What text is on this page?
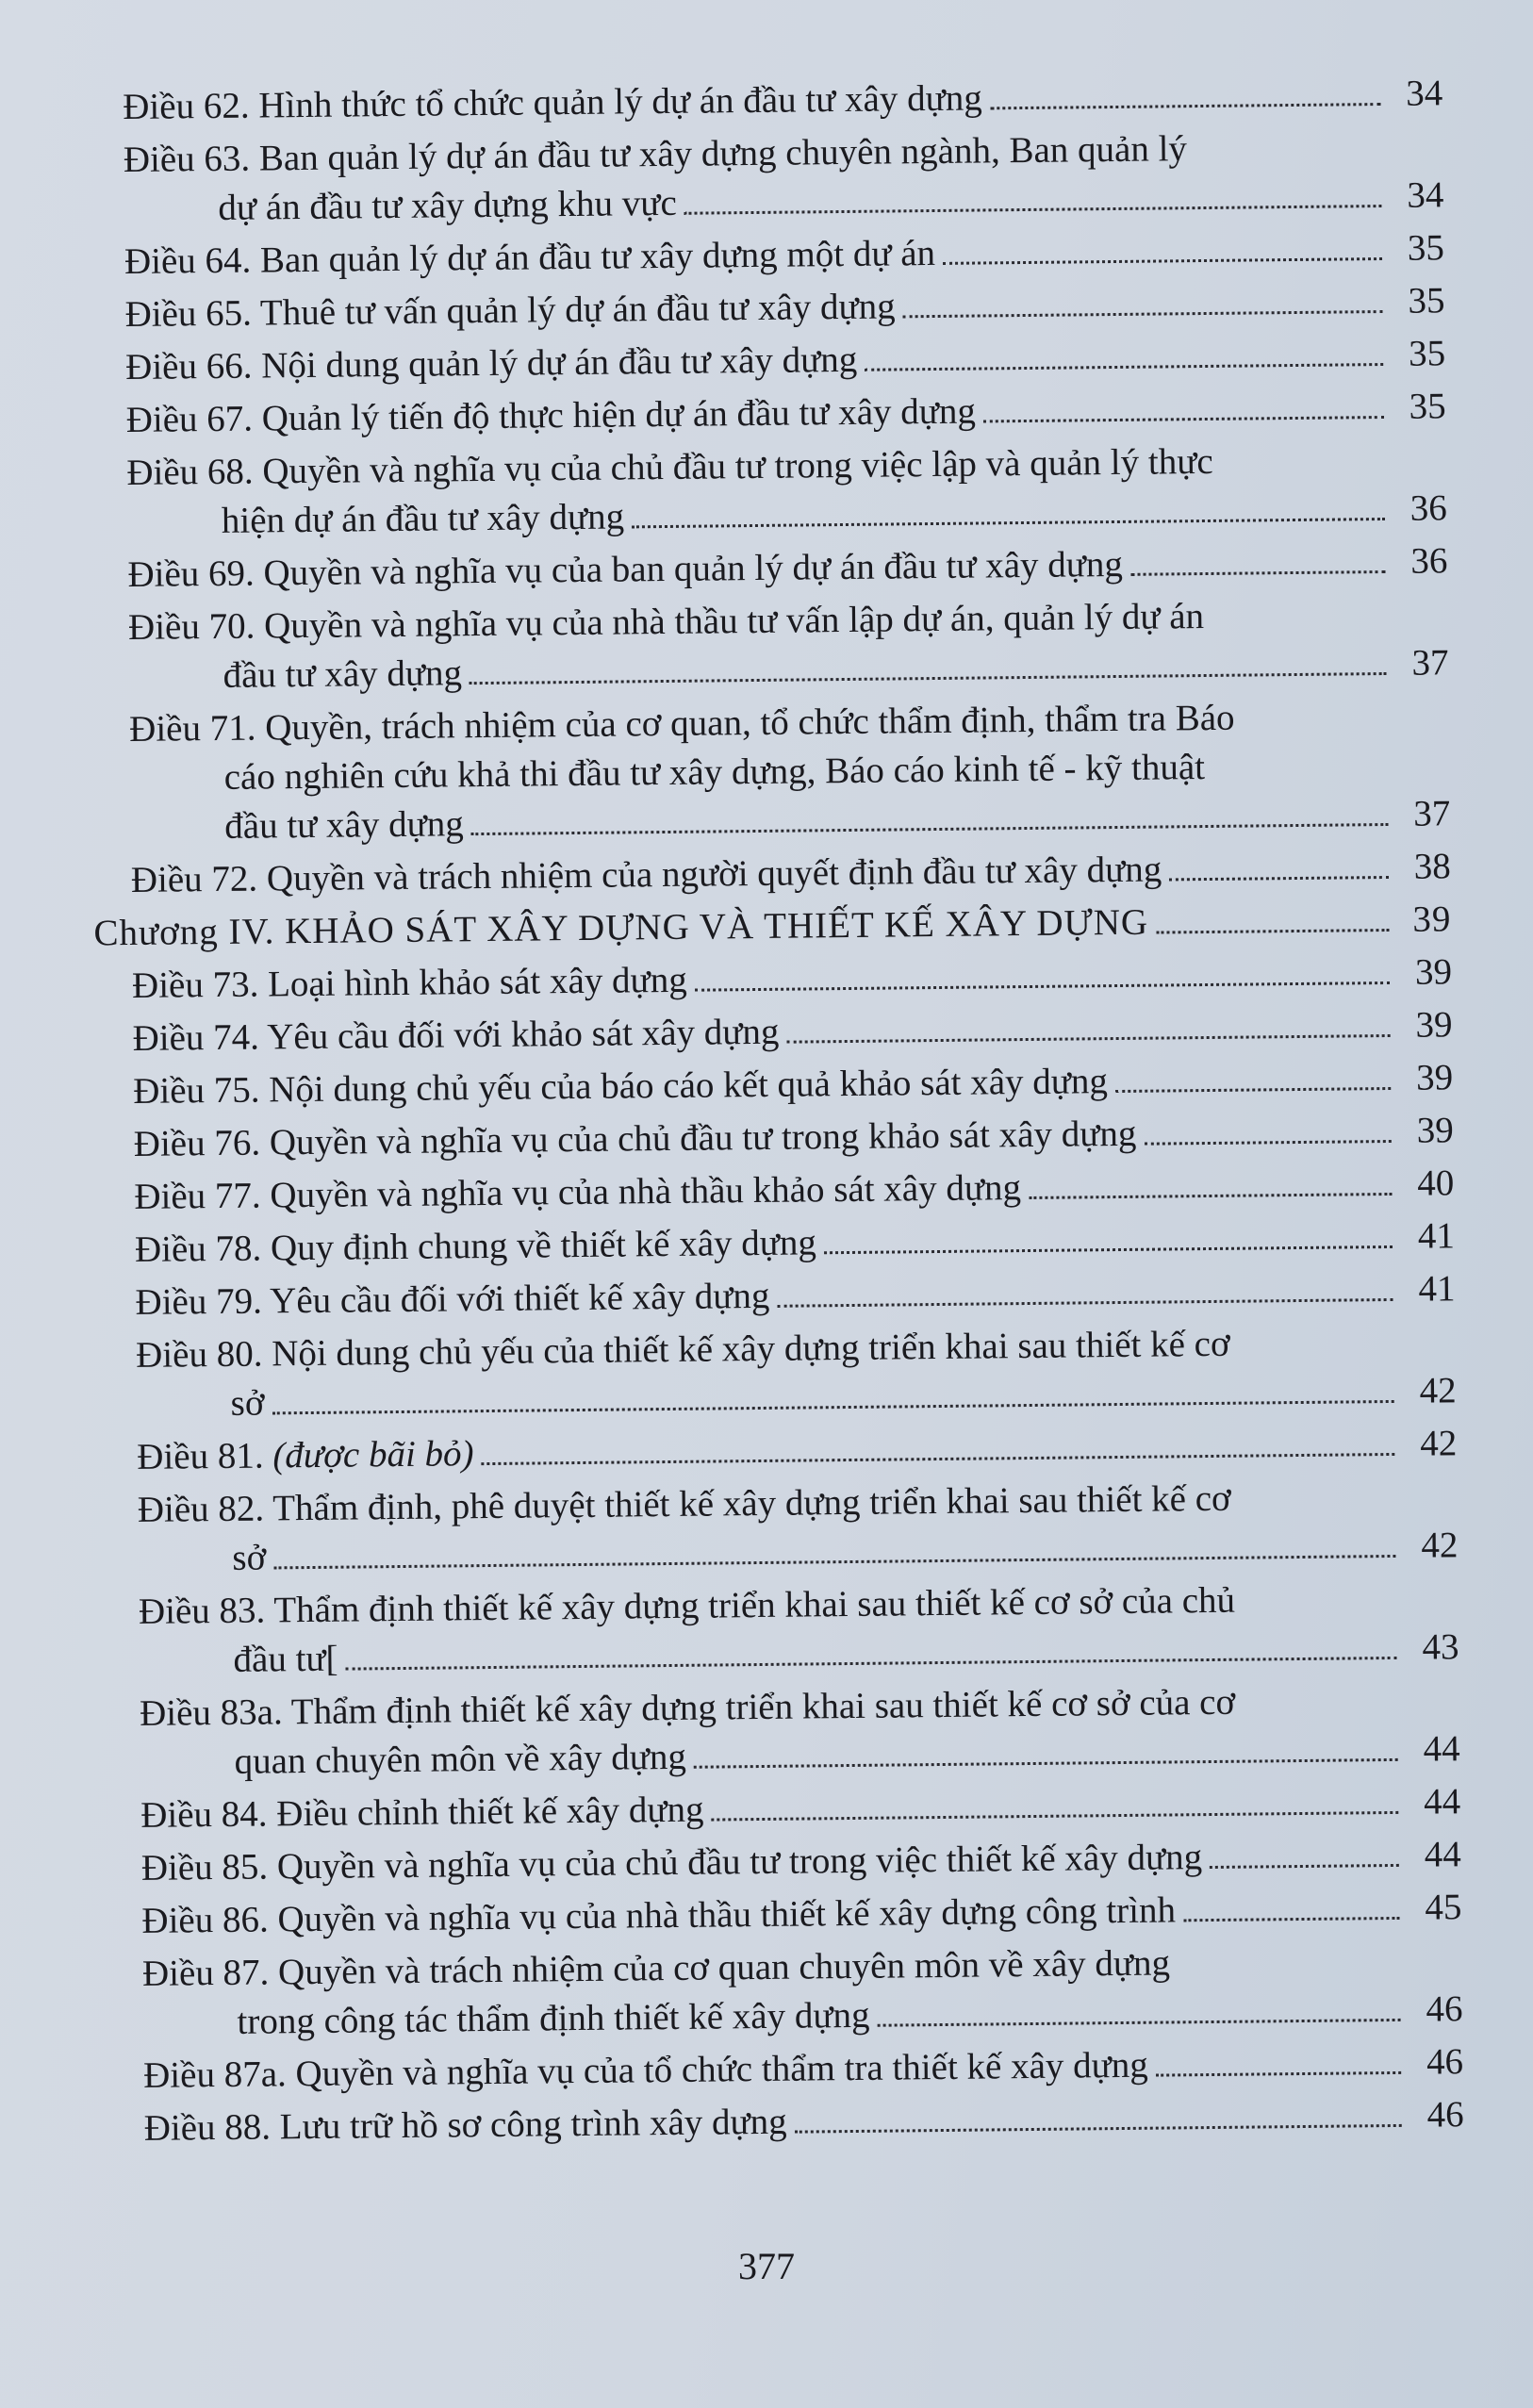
Điều 62. Hình thức tổ chức quản lý dự án đầu tư xây dựng	34
Điều 63. Ban quản lý dự án đầu tư xây dựng chuyên ngành, Ban quản lý
dự án đầu tư xây dựng khu vực	34
Điều 64. Ban quản lý dự án đầu tư xây dựng một dự án	35
Điều 65. Thuê tư vấn quản lý dự án đầu tư xây dựng	35
Điều 66. Nội dung quản lý dự án đầu tư xây dựng	35
Điều 67. Quản lý tiến độ thực hiện dự án đầu tư xây dựng	35
Điều 68. Quyền và nghĩa vụ của chủ đầu tư trong việc lập và quản lý thực
hiện dự án đầu tư xây dựng	36
Điều 69. Quyền và nghĩa vụ của ban quản lý dự án đầu tư xây dựng	36
Điều 70. Quyền và nghĩa vụ của nhà thầu tư vấn lập dự án, quản lý dự án
đầu tư xây dựng	37
Điều 71. Quyền, trách nhiệm của cơ quan, tổ chức thẩm định, thẩm tra Báo
cáo nghiên cứu khả thi đầu tư xây dựng, Báo cáo kinh tế - kỹ thuật
đầu tư xây dựng	37
Điều 72. Quyền và trách nhiệm của người quyết định đầu tư xây dựng	38
Chương IV. KHẢO SÁT XÂY DỰNG VÀ THIẾT KẾ XÂY DỰNG	39
Điều 73. Loại hình khảo sát xây dựng	39
Điều 74. Yêu cầu đối với khảo sát xây dựng	39
Điều 75. Nội dung chủ yếu của báo cáo kết quả khảo sát xây dựng	39
Điều 76. Quyền và nghĩa vụ của chủ đầu tư trong khảo sát xây dựng	39
Điều 77. Quyền và nghĩa vụ của nhà thầu khảo sát xây dựng	40
Điều 78. Quy định chung về thiết kế xây dựng	41
Điều 79. Yêu cầu đối với thiết kế xây dựng	41
Điều 80. Nội dung chủ yếu của thiết kế xây dựng triển khai sau thiết kế cơ
sở	42
Điều 81. (được bãi bỏ)	42
Điều 82. Thẩm định, phê duyệt thiết kế xây dựng triển khai sau thiết kế cơ
sở	42
Điều 83. Thẩm định thiết kế xây dựng triển khai sau thiết kế cơ sở của chủ
đầu tư[	43
Điều 83a. Thẩm định thiết kế xây dựng triển khai sau thiết kế cơ sở của cơ
quan chuyên môn về xây dựng	44
Điều 84. Điều chỉnh thiết kế xây dựng	44
Điều 85. Quyền và nghĩa vụ của chủ đầu tư trong việc thiết kế xây dựng	44
Điều 86. Quyền và nghĩa vụ của nhà thầu thiết kế xây dựng công trình	45
Điều 87. Quyền và trách nhiệm của cơ quan chuyên môn về xây dựng
trong công tác thẩm định thiết kế xây dựng	46
Điều 87a. Quyền và nghĩa vụ của tổ chức thẩm tra thiết kế xây dựng	46
Điều 88. Lưu trữ hồ sơ công trình xây dựng	46
377
